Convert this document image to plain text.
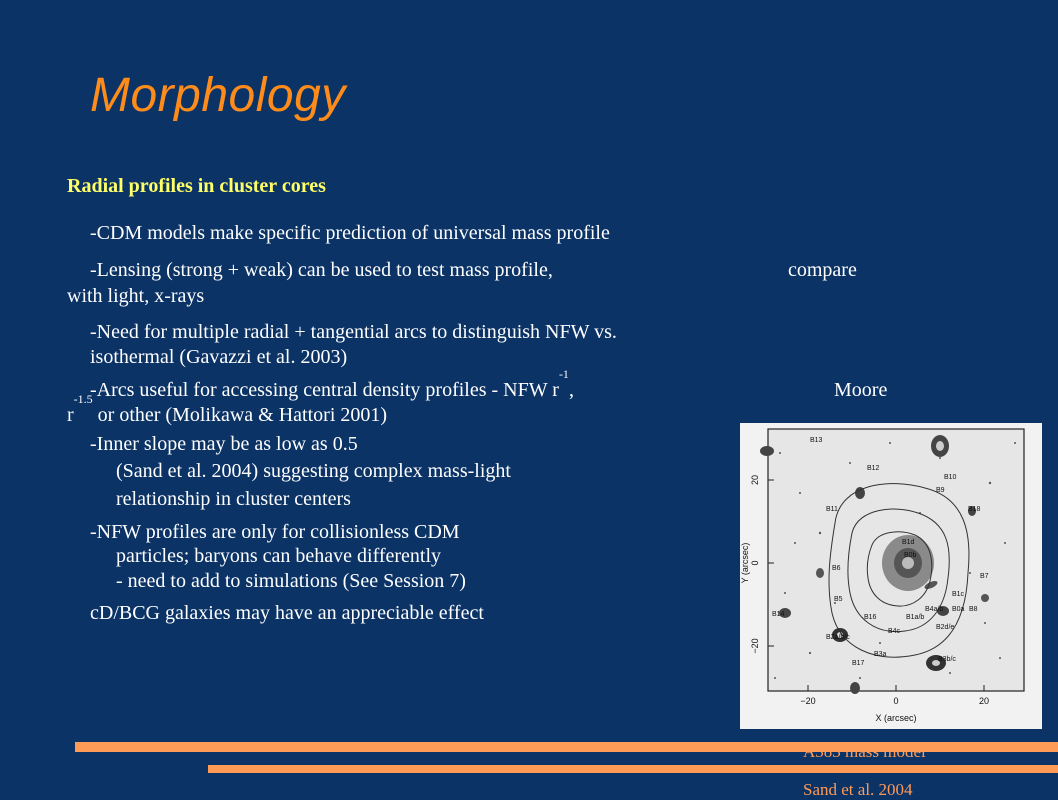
Morphology
Radial profiles in cluster cores
-CDM models make specific prediction of universal mass profile
-Lensing (strong + weak) can be used to test mass profile,	compare
with light, x-rays
-Need for multiple radial + tangential arcs to distinguish NFW vs.
isothermal (Gavazzi et al. 2003)
-Arcs useful for accessing central density profiles - NFW $r^{-1}$,	Moore
$r^{-1.5}$ or other (Molikawa & Hattori 2001)
-Inner slope may be as low as 0.5
(Sand et al. 2004) suggesting complex mass-light
relationship in cluster centers
-NFW profiles are only for collisionless CDM
particles; baryons can behave differently
- need to add to simulations (See Session 7)
cD/BCG galaxies may have an appreciable effect
B13
B12
B10
B9
B11	B18
B1d
B0b
B7
B6
B1c
B5
B4a/b B0a B8
B14	B16	B1a/b
B2d/e
B2a/b/c
B4c
B3a
B3b/c
B17
20
0
−20
−20	0	20
X (arcsec)
Y (arcsec)
A383 mass model
Sand et al. 2004
